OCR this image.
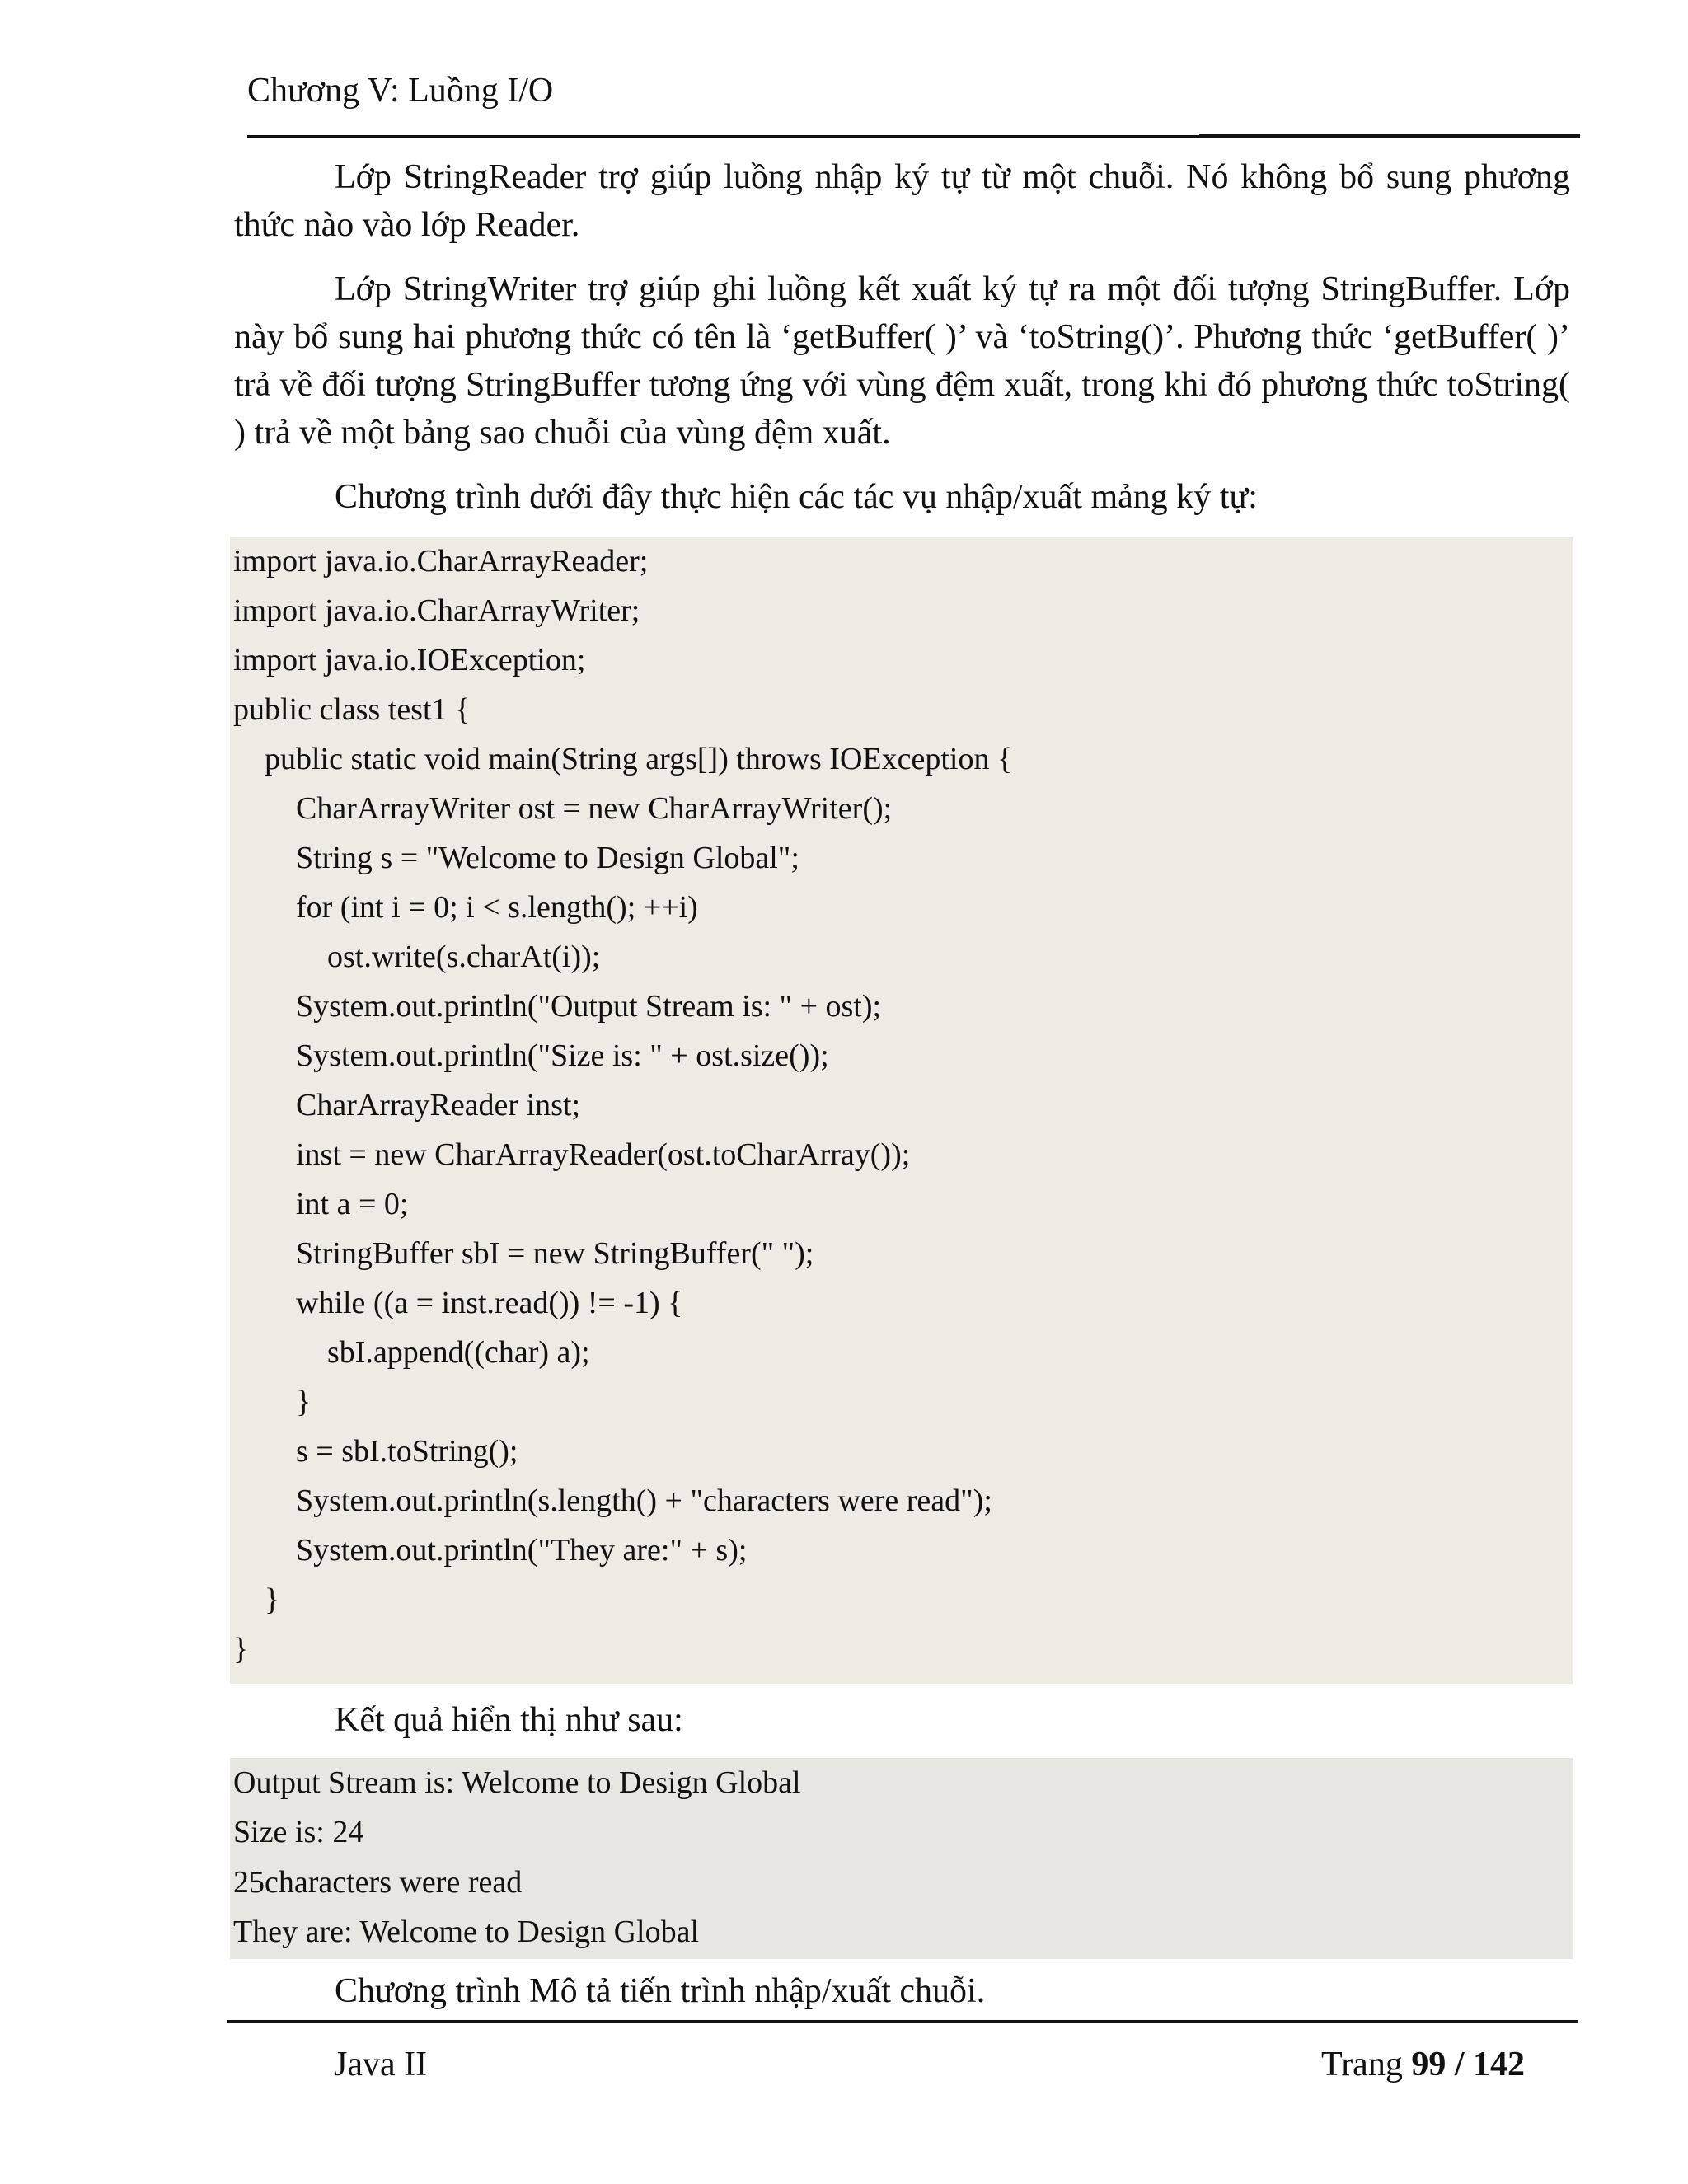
Chương V: Luồng I/O

Lớp StringReader trợ giúp luồng nhập ký tự từ một chuỗi. Nó không bổ sung phương thức nào vào lớp Reader.

Lớp StringWriter trợ giúp ghi luồng kết xuất ký tự ra một đối tượng StringBuffer. Lớp này bổ sung hai phương thức có tên là ‘getBuffer( )’ và ‘toString()’. Phương thức ‘getBuffer( )’ trả về đối tượng StringBuffer tương ứng với vùng đệm xuất, trong khi đó phương thức toString( ) trả về một bảng sao chuỗi của vùng đệm xuất.

Chương trình dưới đây thực hiện các tác vụ nhập/xuất mảng ký tự:

import java.io.CharArrayReader;
import java.io.CharArrayWriter;
import java.io.IOException;
public class test1 {
public static void main(String args[]) throws IOException {
CharArrayWriter ost = new CharArrayWriter();
String s = "Welcome to Design Global";
for (int i = 0; i < s.length(); ++i)
ost.write(s.charAt(i));
System.out.println("Output Stream is: " + ost);
System.out.println("Size is: " + ost.size());
CharArrayReader inst;
inst = new CharArrayReader(ost.toCharArray());
int a = 0;
StringBuffer sbI = new StringBuffer(" ");
while ((a = inst.read()) != -1) {
sbI.append((char) a);
}
s = sbI.toString();
System.out.println(s.length() + "characters were read");
System.out.println("They are:" + s);
}
}

Kết quả hiển thị như sau:

Output Stream is: Welcome to Design Global
Size is: 24
25characters were read
They are: Welcome to Design Global

Chương trình Mô tả tiến trình nhập/xuất chuỗi.

Java II	Trang 99 / 142
